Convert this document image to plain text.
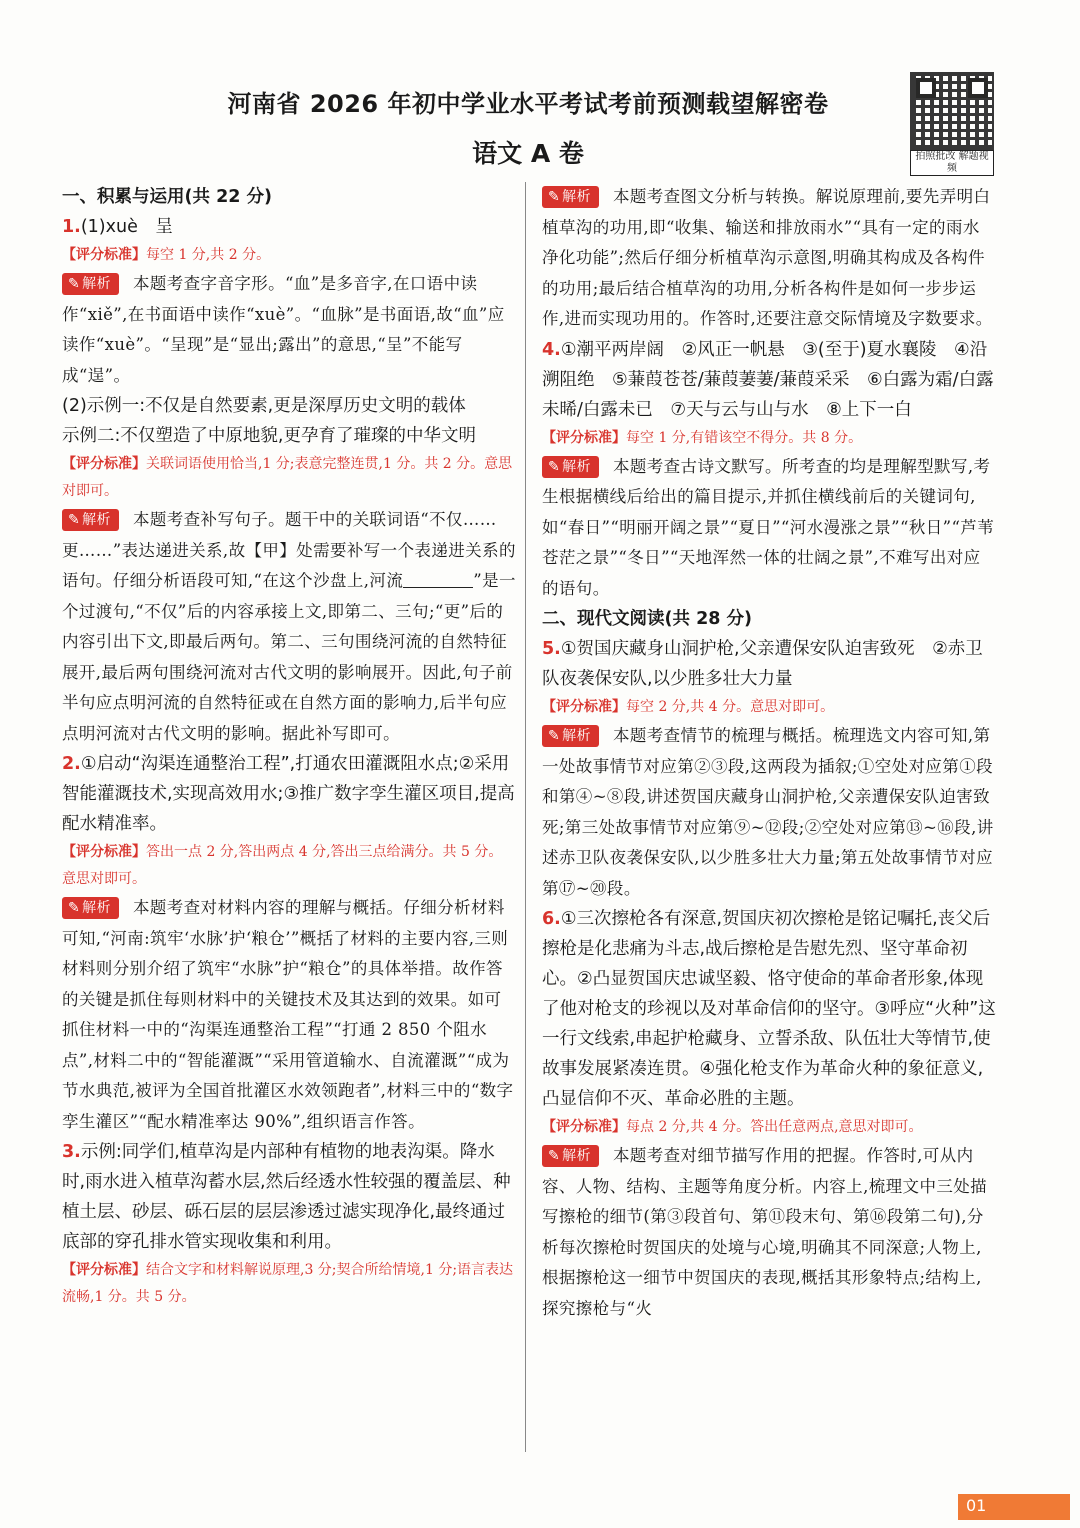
河南省 2026 年初中学业水平考试考前预测载望解密卷
语文 A 卷	拍照批改 解题视频
一、积累与运用(共 22 分)
1.(1)xuè　呈
【评分标准】每空 1 分,共 2 分。
✎ 解析 本题考查字音字形。“血”是多音字,在口语中读作“xiě”,在书面语中读作“xuè”。“血脉”是书面语,故“血”应读作“xuè”。“呈现”是“显出;露出”的意思,“呈”不能写成“逞”。
(2)示例一:不仅是自然要素,更是深厚历史文明的载体
示例二:不仅塑造了中原地貌,更孕育了璀璨的中华文明
【评分标准】关联词语使用恰当,1 分;表意完整连贯,1 分。共 2 分。意思对即可。
✎ 解析 本题考查补写句子。题干中的关联词语“不仅……更……”表达递进关系,故【甲】处需要补写一个表递进关系的语句。仔细分析语段可知,“在这个沙盘上,河流	”是一个过渡句,“不仅”后的内容承接上文,即第二、三句;“更”后的内容引出下文,即最后两句。第二、三句围绕河流的自然特征展开,最后两句围绕河流对古代文明的影响展开。因此,句子前半句应点明河流的自然特征或在自然方面的影响力,后半句应点明河流对古代文明的影响。据此补写即可。
2.①启动“沟渠连通整治工程”,打通农田灌溉阻水点;②采用智能灌溉技术,实现高效用水;③推广数字孪生灌区项目,提高配水精准率。
【评分标准】答出一点 2 分,答出两点 4 分,答出三点给满分。共 5 分。意思对即可。
✎ 解析 本题考查对材料内容的理解与概括。仔细分析材料可知,“河南:筑牢‘水脉’护‘粮仓’”概括了材料的主要内容,三则材料则分别介绍了筑牢“水脉”护“粮仓”的具体举措。故作答的关键是抓住每则材料中的关键技术及其达到的效果。如可抓住材料一中的“沟渠连通整治工程”“打通 2 850 个阻水点”,材料二中的“智能灌溉”“采用管道输水、自流灌溉”“成为节水典范,被评为全国首批灌区水效领跑者”,材料三中的“数字孪生灌区”“配水精准率达 90%”,组织语言作答。
3.示例:同学们,植草沟是内部种有植物的地表沟渠。降水时,雨水进入植草沟蓄水层,然后经透水性较强的覆盖层、种植土层、砂层、砾石层的层层渗透过滤实现净化,最终通过底部的穿孔排水管实现收集和利用。
【评分标准】结合文字和材料解说原理,3 分;契合所给情境,1 分;语言表达流畅,1 分。共 5 分。
✎ 解析 本题考查图文分析与转换。解说原理前,要先弄明白植草沟的功用,即“收集、输送和排放雨水”“具有一定的雨水净化功能”;然后仔细分析植草沟示意图,明确其构成及各构件的功用;最后结合植草沟的功用,分析各构件是如何一步步运作,进而实现功用的。作答时,还要注意交际情境及字数要求。
4.①潮平两岸阔　②风正一帆悬　③(至于)夏水襄陵　④沿溯阻绝　⑤蒹葭苍苍/蒹葭萋萋/蒹葭采采　⑥白露为霜/白露未晞/白露未已　⑦天与云与山与水　⑧上下一白
【评分标准】每空 1 分,有错该空不得分。共 8 分。
✎ 解析 本题考查古诗文默写。所考查的均是理解型默写,考生根据横线后给出的篇目提示,并抓住横线前后的关键词句,如“春日”“明丽开阔之景”“夏日”“河水漫涨之景”“秋日”“芦苇苍茫之景”“冬日”“天地浑然一体的壮阔之景”,不难写出对应的语句。
二、现代文阅读(共 28 分)
5.①贺国庆藏身山洞护枪,父亲遭保安队迫害致死　②赤卫队夜袭保安队,以少胜多壮大力量
【评分标准】每空 2 分,共 4 分。意思对即可。
✎ 解析 本题考查情节的梳理与概括。梳理选文内容可知,第一处故事情节对应第②③段,这两段为插叙;①空处对应第①段和第④~⑧段,讲述贺国庆藏身山洞护枪,父亲遭保安队迫害致死;第三处故事情节对应第⑨~⑫段;②空处对应第⑬~⑯段,讲述赤卫队夜袭保安队,以少胜多壮大力量;第五处故事情节对应第⑰~⑳段。
6.①三次擦枪各有深意,贺国庆初次擦枪是铭记嘱托,丧父后擦枪是化悲痛为斗志,战后擦枪是告慰先烈、坚守革命初心。②凸显贺国庆忠诚坚毅、恪守使命的革命者形象,体现了他对枪支的珍视以及对革命信仰的坚守。③呼应“火种”这一行文线索,串起护枪藏身、立誓杀敌、队伍壮大等情节,使故事发展紧凑连贯。④强化枪支作为革命火种的象征意义,凸显信仰不灭、革命必胜的主题。
【评分标准】每点 2 分,共 4 分。答出任意两点,意思对即可。
✎ 解析 本题考查对细节描写作用的把握。作答时,可从内容、人物、结构、主题等角度分析。内容上,梳理文中三处描写擦枪的细节(第③段首句、第⑪段末句、第⑯段第二句),分析每次擦枪时贺国庆的处境与心境,明确其不同深意;人物上,根据擦枪这一细节中贺国庆的表现,概括其形象特点;结构上,探究擦枪与“火
01
